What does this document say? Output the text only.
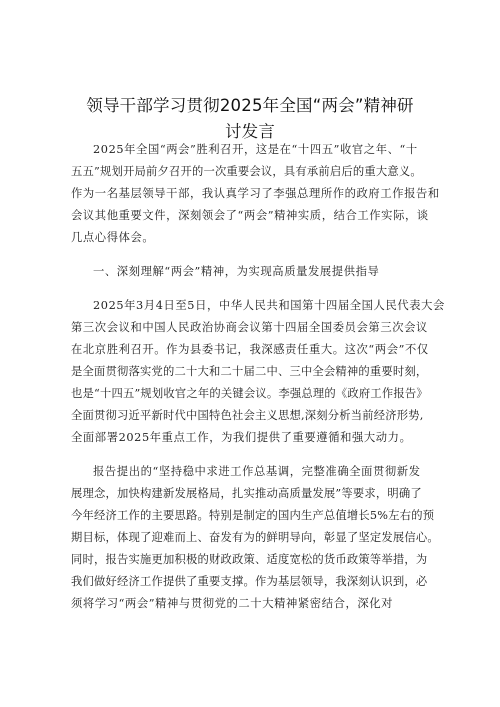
领导干部学习贯彻2025年全国“两会”精神研
讨发言
2025年全国“两会”胜利召开，这是在“十四五”收官之年、“十
五五”规划开局前夕召开的一次重要会议，具有承前启后的重大意义。
作为一名基层领导干部，我认真学习了李强总理所作的政府工作报告和
会议其他重要文件，深刻领会了“两会”精神实质，结合工作实际，谈
几点心得体会。
一、深刻理解“两会”精神，为实现高质量发展提供指导
2025年3月4日至5日，中华人民共和国第十四届全国人民代表大会
第三次会议和中国人民政治协商会议第十四届全国委员会第三次会议
在北京胜利召开。作为县委书记，我深感责任重大。这次“两会”不仅
是全面贯彻落实党的二十大和二十届二中、三中全会精神的重要时刻，
也是“十四五”规划收官之年的关键会议。李强总理的《政府工作报告》
全面贯彻习近平新时代中国特色社会主义思想,深刻分析当前经济形势,
全面部署2025年重点工作，为我们提供了重要遵循和强大动力。
报告提出的“坚持稳中求进工作总基调，完整准确全面贯彻新发
展理念，加快构建新发展格局，扎实推动高质量发展”等要求，明确了
今年经济工作的主要思路。特别是制定的国内生产总值增长5%左右的预
期目标，体现了迎难而上、奋发有为的鲜明导向，彰显了坚定发展信心。
同时，报告实施更加积极的财政政策、适度宽松的货币政策等举措，为
我们做好经济工作提供了重要支撑。作为基层领导，我深刻认识到，必
须将学习“两会”精神与贯彻党的二十大精神紧密结合，深化对
